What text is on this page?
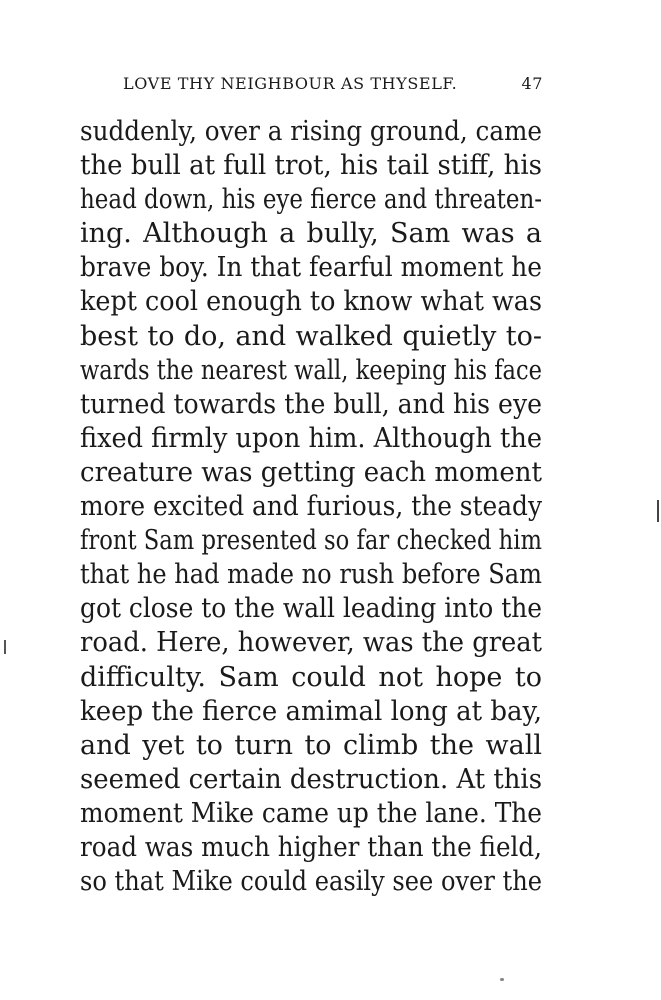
LOVE THY NEIGHBOUR AS THYSELF.	47
suddenly, over a rising ground, came
the bull at full trot, his tail stiff, his
head down, his eye fierce and threaten-
ing. Although a bully, Sam was a
brave boy. In that fearful moment he
kept cool enough to know what was
best to do, and walked quietly to-
wards the nearest wall, keeping his face
turned towards the bull, and his eye
fixed firmly upon him. Although the
creature was getting each moment
more excited and furious, the steady
front Sam presented so far checked him
that he had made no rush before Sam
got close to the wall leading into the
road. Here, however, was the great
difficulty. Sam could not hope to
keep the fierce amimal long at bay,
and yet to turn to climb the wall
seemed certain destruction. At this
moment Mike came up the lane. The
road was much higher than the field,
so that Mike could easily see over the
